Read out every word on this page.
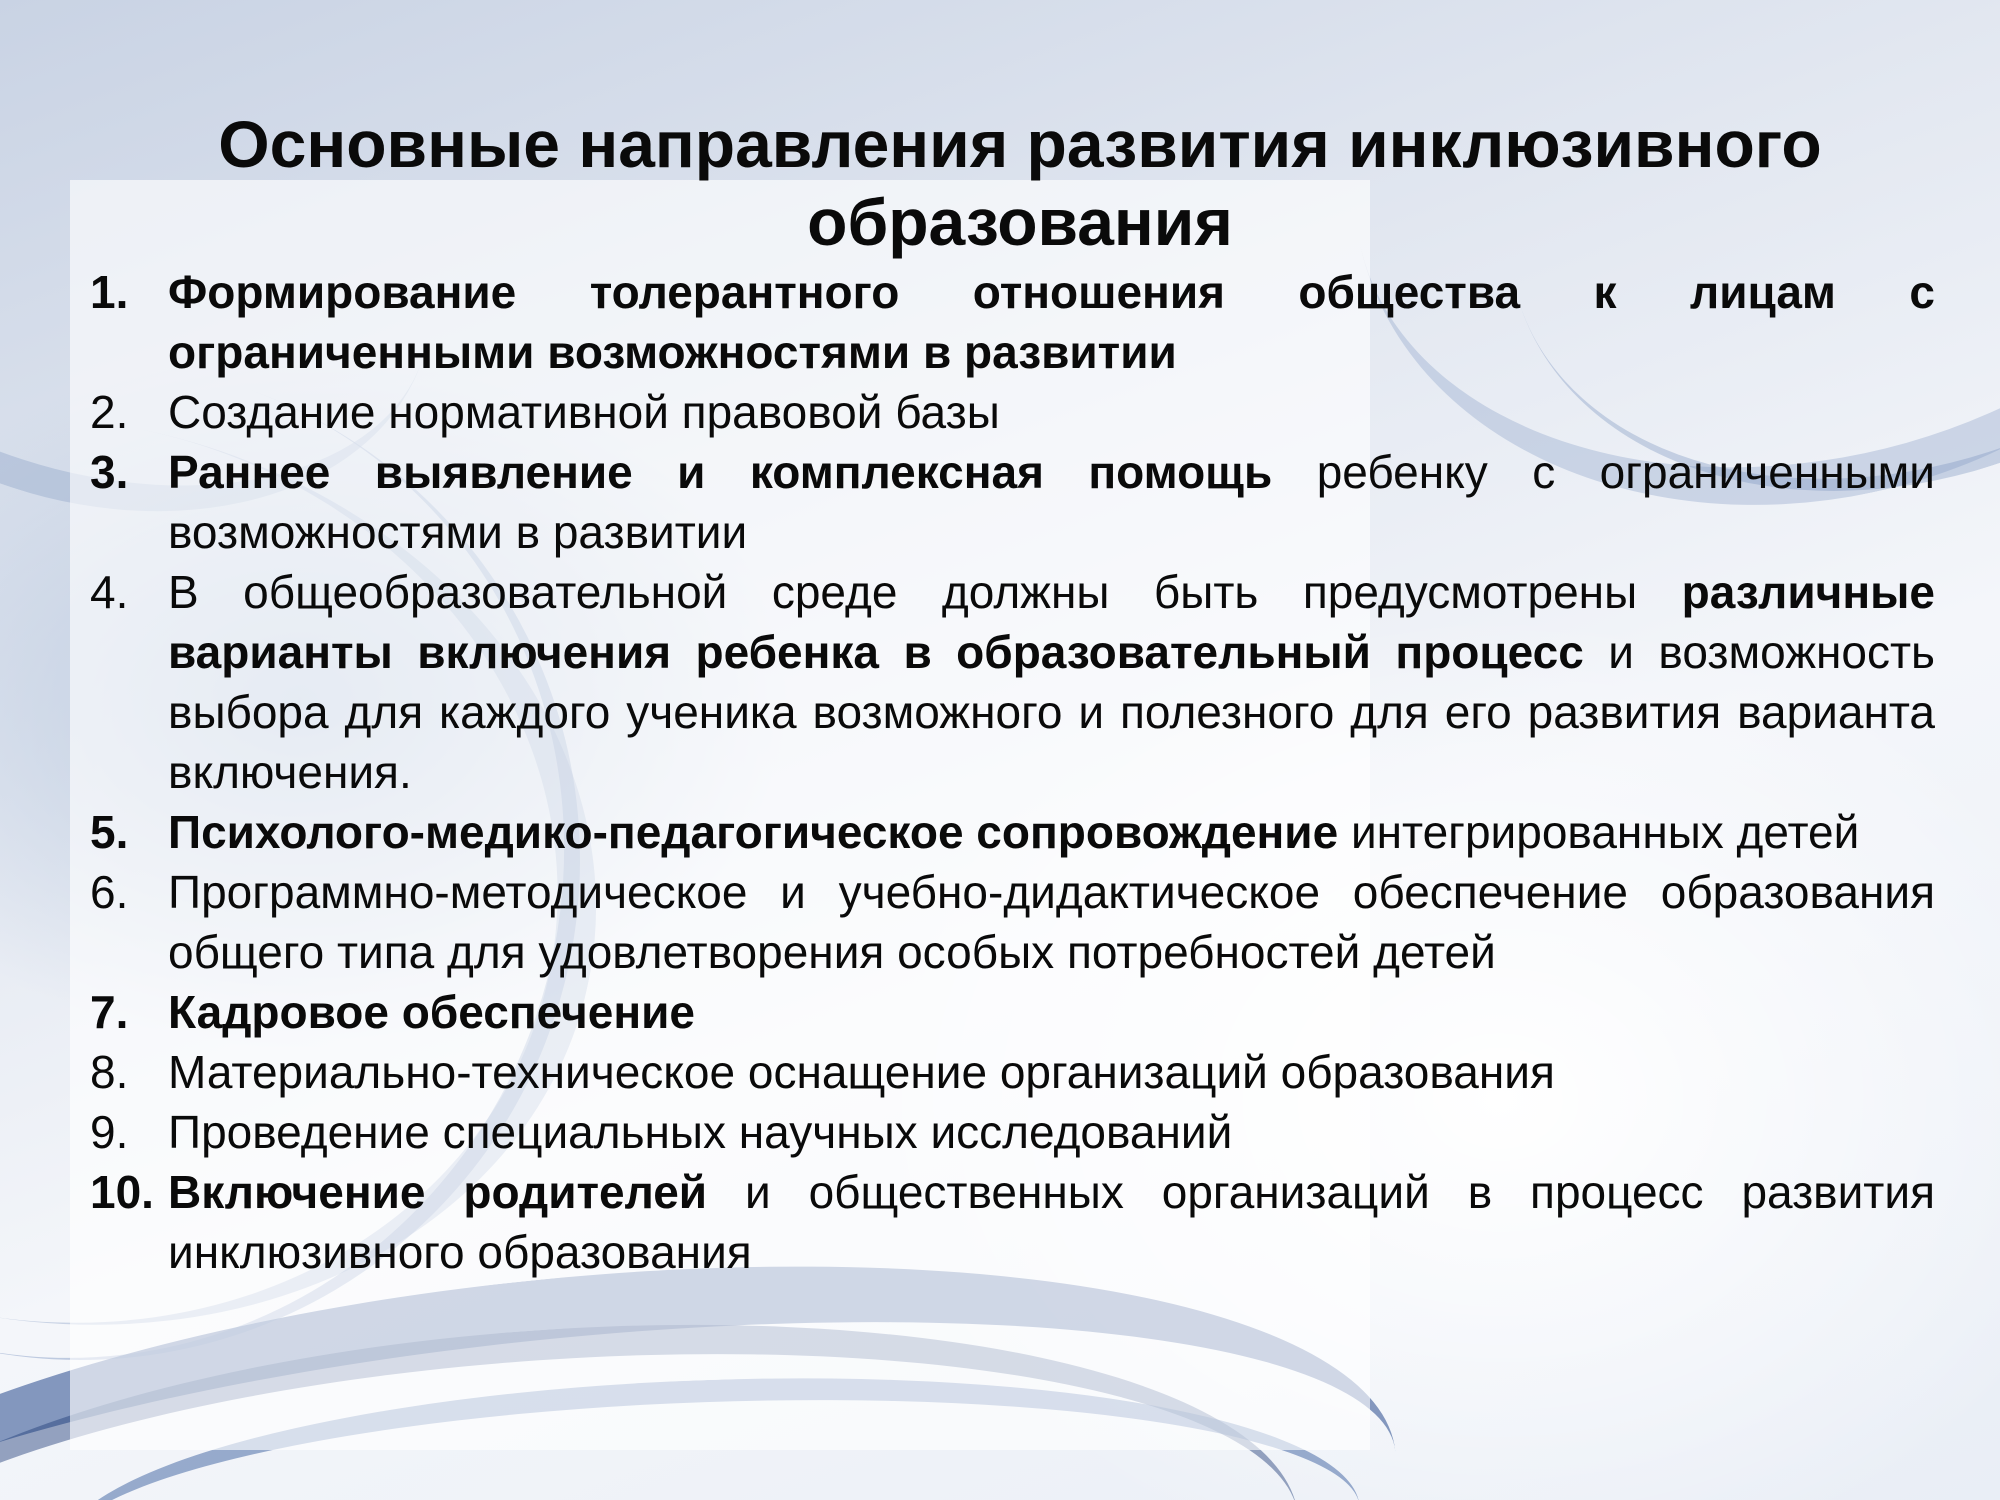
Основные направления развития инклюзивного образования
1. Формирование толерантного отношения общества к лицам с ограниченными возможностями в развитии
2. Создание нормативной правовой базы
3. Раннее выявление и комплексная помощь ребенку с ограниченными возможностями в развитии
4. В общеобразовательной среде должны быть предусмотрены различные варианты включения ребенка в образовательный процесс и возможность выбора для каждого ученика возможного и полезного для его развития варианта включения.
5. Психолого-медико-педагогическое сопровождение интегрированных детей
6. Программно-методическое и учебно-дидактическое обеспечение образования общего типа для удовлетворения особых потребностей детей
7. Кадровое обеспечение
8. Материально-техническое оснащение организаций образования
9. Проведение специальных научных исследований
10. Включение родителей и общественных организаций в процесс развития инклюзивного образования
